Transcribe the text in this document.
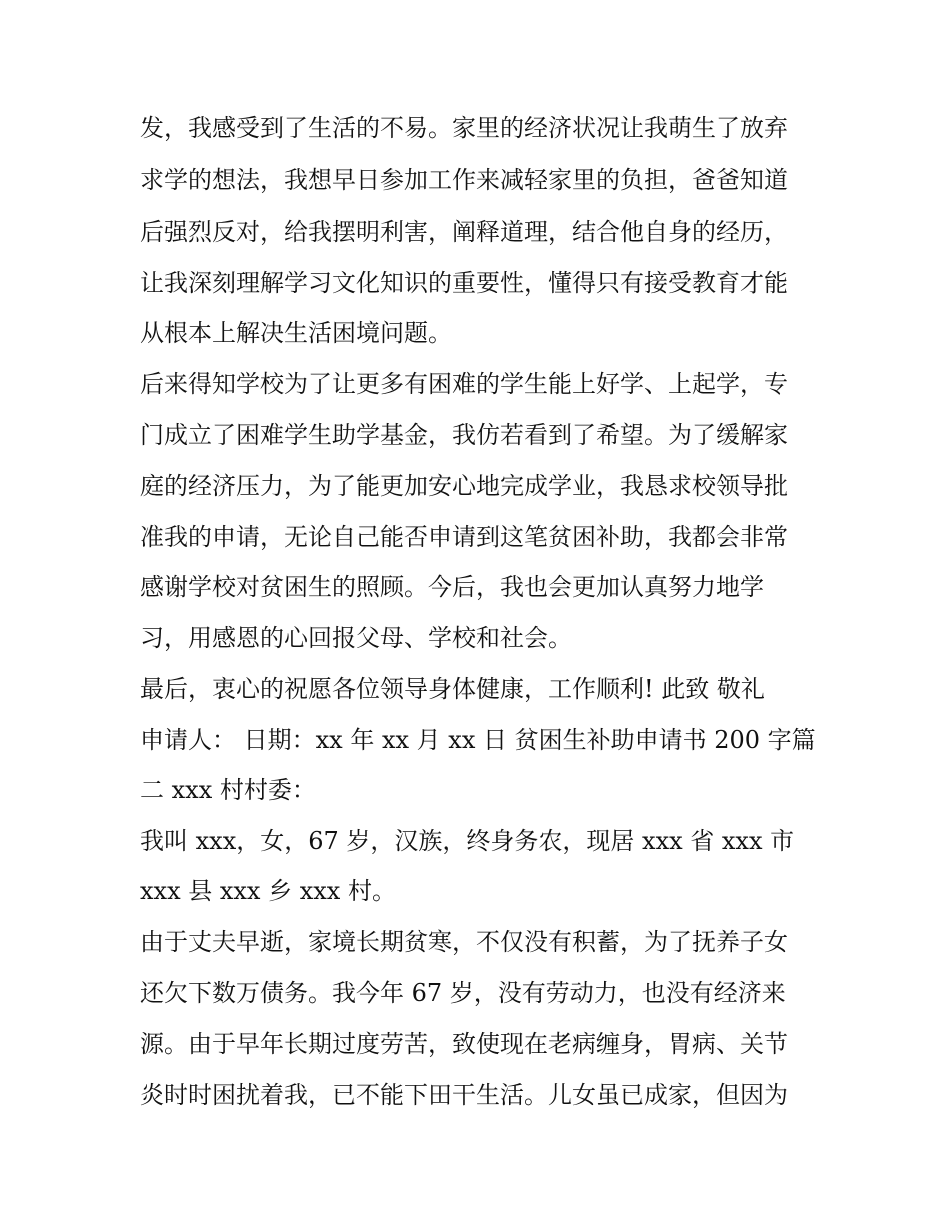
发，我感受到了生活的不易。家里的经济状况让我萌生了放弃
求学的想法，我想早日参加工作来减轻家里的负担，爸爸知道
后强烈反对，给我摆明利害，阐释道理，结合他自身的经历，
让我深刻理解学习文化知识的重要性，懂得只有接受教育才能
从根本上解决生活困境问题。
后来得知学校为了让更多有困难的学生能上好学、上起学，专
门成立了困难学生助学基金，我仿若看到了希望。为了缓解家
庭的经济压力，为了能更加安心地完成学业，我恳求校领导批
准我的申请，无论自己能否申请到这笔贫困补助，我都会非常
感谢学校对贫困生的照顾。今后，我也会更加认真努力地学
习，用感恩的心回报父母、学校和社会。
最后，衷心的祝愿各位领导身体健康，工作顺利! 此致 敬礼
申请人： 日期：xx 年 xx 月 xx 日 贫困生补助申请书 200 字篇
二 xxx 村村委：
我叫 xxx，女，67 岁，汉族，终身务农，现居 xxx 省 xxx 市
xxx 县 xxx 乡 xxx 村。
由于丈夫早逝，家境长期贫寒，不仅没有积蓄，为了抚养子女
还欠下数万债务。我今年 67 岁，没有劳动力，也没有经济来
源。由于早年长期过度劳苦，致使现在老病缠身，胃病、关节
炎时时困扰着我，已不能下田干生活。儿女虽已成家，但因为
